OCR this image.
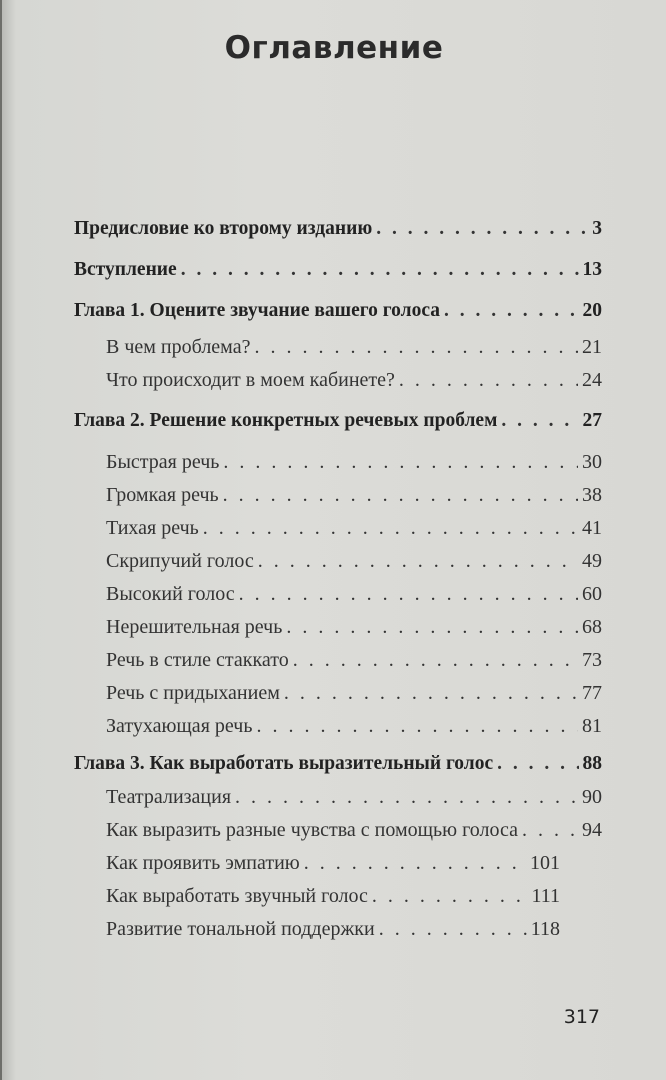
Оглавление
Предисловие ко второму изданию . . .	3
Вступление . . .	13
Глава 1. Оцените звучание вашего голоса . . .	20
В чем проблема? . . .	21
Что происходит в моем кабинете? . . .	24
Глава 2. Решение конкретных речевых проблем . . .	27
Быстрая речь . . .	30
Громкая речь . . .	38
Тихая речь . . .	41
Скрипучий голос . . .	49
Высокий голос . . .	60
Нерешительная речь . . .	68
Речь в стиле стаккато . . .	73
Речь с придыханием . . .	77
Затухающая речь . . .	81
Глава 3. Как выработать выразительный голос . . .	88
Театрализация . . .	90
Как выразить разные чувства с помощью голоса . . .	94
Как проявить эмпатию . . .	101
Как выработать звучный голос . . .	111
Развитие тональной поддержки . . .	118
317
